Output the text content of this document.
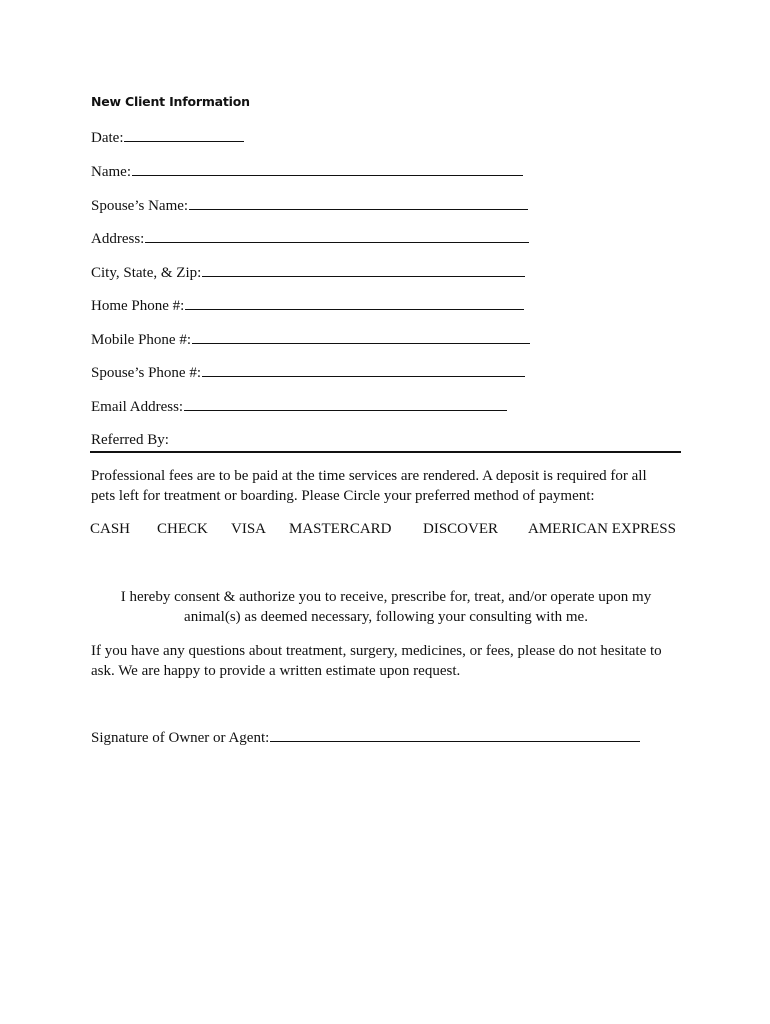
New Client Information
Date:
Name:
Spouse’s Name:
Address:
City, State, & Zip:
Home Phone #:
Mobile Phone #:
Spouse’s Phone #:
Email Address:
Referred By:
Professional fees are to be paid at the time services are rendered. A deposit is required for all
pets left for treatment or boarding. Please Circle your preferred method of payment:
CASH CHECK VISA MASTERCARD DISCOVER AMERICAN EXPRESS
I hereby consent & authorize you to receive, prescribe for, treat, and/or operate upon my
animal(s) as deemed necessary, following your consulting with me.
If you have any questions about treatment, surgery, medicines, or fees, please do not hesitate to
ask. We are happy to provide a written estimate upon request.
Signature of Owner or Agent:
